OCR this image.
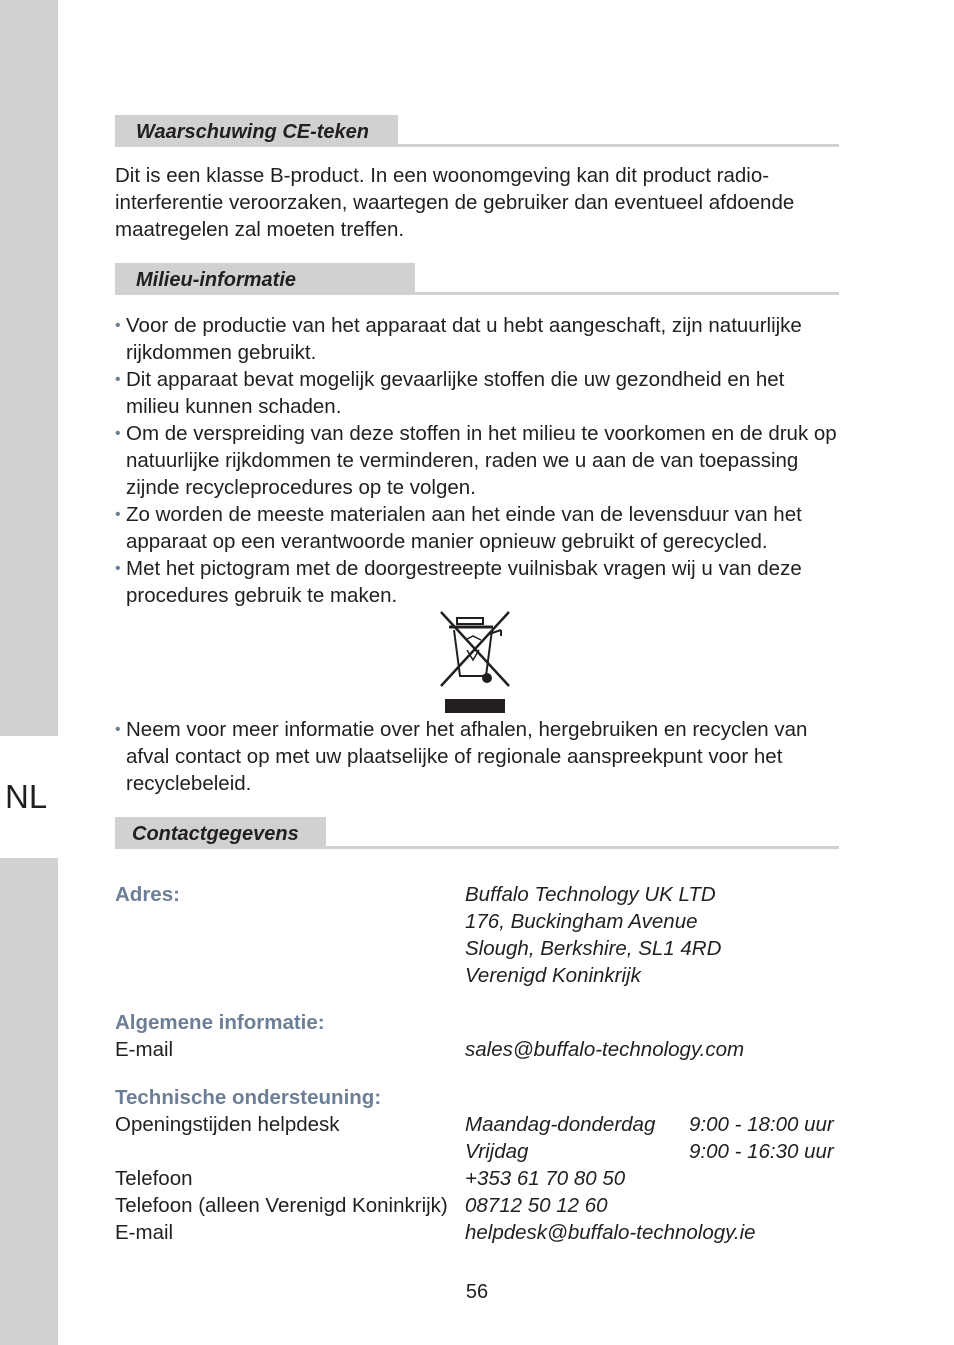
NL
Waarschuwing CE-teken

Dit is een klasse B-product. In een woonomgeving kan dit product radio-interferentie veroorzaken, waartegen de gebruiker dan eventueel afdoende maatregelen zal moeten treffen.

Milieu-informatie
• Voor de productie van het apparaat dat u hebt aangeschaft, zijn natuurlijke rijkdommen gebruikt.
• Dit apparaat bevat mogelijk gevaarlijke stoffen die uw gezondheid en het milieu kunnen schaden.
• Om de verspreiding van deze stoffen in het milieu te voorkomen en de druk op natuurlijke rijkdommen te verminderen, raden we u aan de van toepassing zijnde recycleprocedures op te volgen.
• Zo worden de meeste materialen aan het einde van de levensduur van het apparaat op een verantwoorde manier opnieuw gebruikt of gerecycled.
• Met het pictogram met de doorgestreepte vuilnisbak vragen wij u van deze procedures gebruik te maken.
• Neem voor meer informatie over het afhalen, hergebruiken en recyclen van afval contact op met uw plaatselijke of regionale aanspreekpunt voor het recyclebeleid.
Contactgegevens
Adres:	Buffalo Technology UK LTD
176, Buckingham Avenue
Slough, Berkshire, SL1 4RD
Verenigd Koninkrijk
Algemene informatie:
E-mail	sales@buffalo-technology.com
Technische ondersteuning:
Openingstijden helpdesk	Maandag-donderdag 9:00 - 18:00 uur
Vrijdag	9:00 - 16:30 uur
Telefoon	+353 61 70 80 50
Telefoon (alleen Verenigd Koninkrijk) 08712 50 12 60
E-mail	helpdesk@buffalo-technology.ie
56
